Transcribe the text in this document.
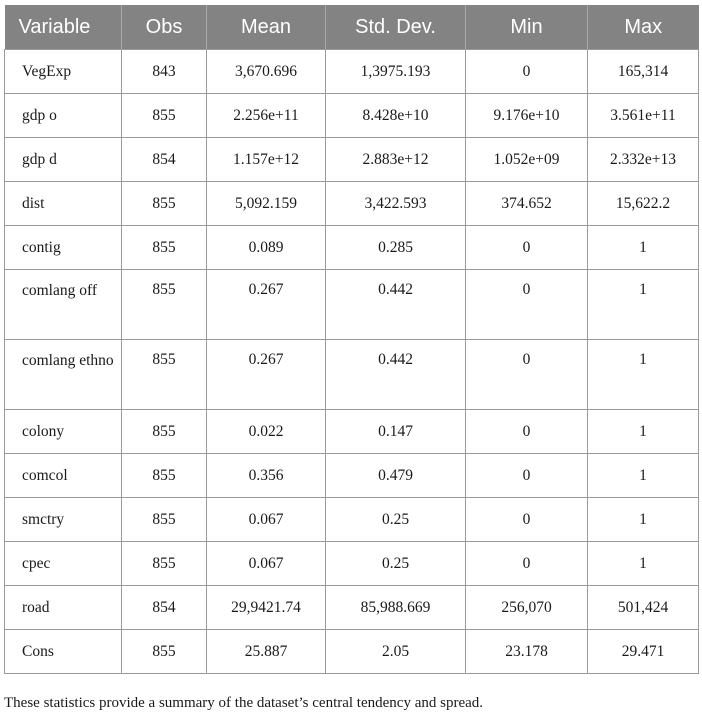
Variable	Obs	Mean	Std. Dev.	Min	Max
VegExp	843	3,670.696	1,3975.193	0	165,314
gdp o	855	2.256e+11	8.428e+10	9.176e+10	3.561e+11
gdp d	854	1.157e+12	2.883e+12	1.052e+09	2.332e+13
dist	855	5,092.159	3,422.593	374.652	15,622.2
contig	855	0.089	0.285	0	1
comlang off	855	0.267	0.442	0	1
comlang ethno	855	0.267	0.442	0	1
colony	855	0.022	0.147	0	1
comcol	855	0.356	0.479	0	1
smctry	855	0.067	0.25	0	1
cpec	855	0.067	0.25	0	1
road	854	29,9421.74	85,988.669	256,070	501,424
Cons	855	25.887	2.05	23.178	29.471
These statistics provide a summary of the dataset’s central tendency and spread.
